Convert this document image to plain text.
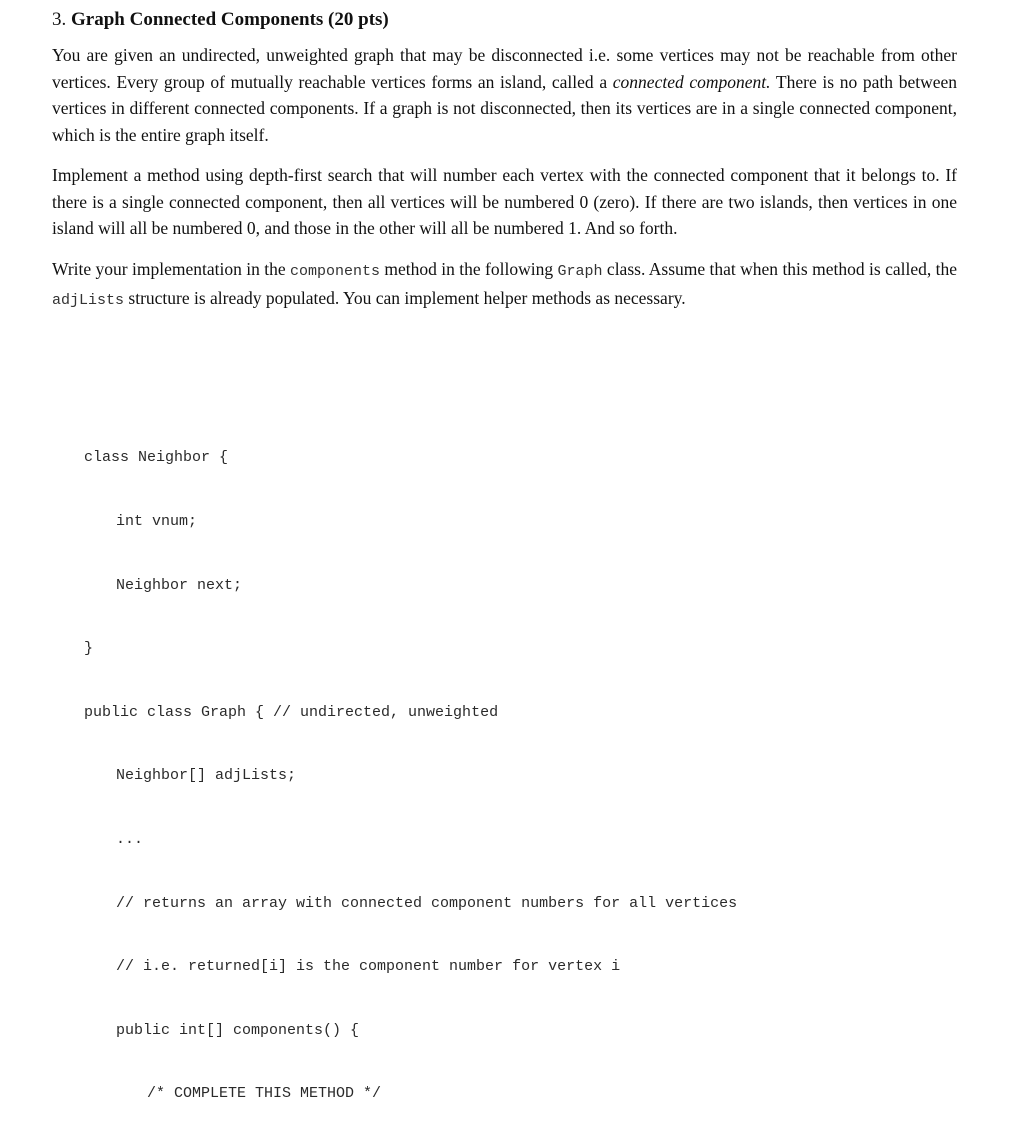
3. Graph Connected Components (20 pts)

You are given an undirected, unweighted graph that may be disconnected i.e. some vertices may not be reachable from other vertices. Every group of mutually reachable vertices forms an island, called a connected component. There is no path between vertices in different connected components. If a graph is not disconnected, then its vertices are in a single connected component, which is the entire graph itself.

Implement a method using depth-first search that will number each vertex with the connected component that it belongs to. If there is a single connected component, then all vertices will be numbered 0 (zero). If there are two islands, then vertices in one island will all be numbered 0, and those in the other will all be numbered 1. And so forth.

Write your implementation in the components method in the following Graph class. Assume that when this method is called, the adjLists structure is already populated. You can implement helper methods as necessary.

class Neighbor {

int vnum;

Neighbor next;

}

public class Graph { // undirected, unweighted

Neighbor[] adjLists;

...

// returns an array with connected component numbers for all vertices

// i.e. returned[i] is the component number for vertex i

public int[] components() {

/* COMPLETE THIS METHOD */
